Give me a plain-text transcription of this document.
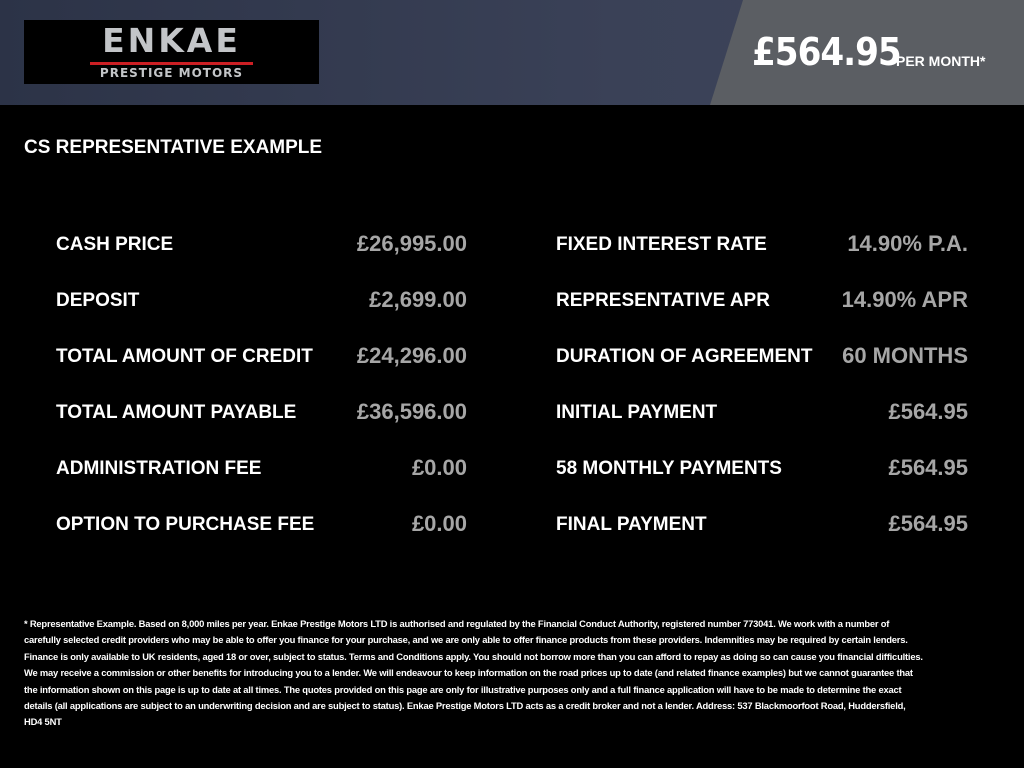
ENKAE
PRESTIGE MOTORS	£564.95
PER MONTH*
CS REPRESENTATIVE EXAMPLE
CASH PRICE	£26,995.00
DEPOSIT	£2,699.00
TOTAL AMOUNT OF CREDIT £24,296.00
TOTAL AMOUNT PAYABLE	£36,596.00
ADMINISTRATION FEE	£0.00
OPTION TO PURCHASE FEE	£0.00
FIXED INTEREST RATE	14.90% P.A.
REPRESENTATIVE APR	14.90% APR
DURATION OF AGREEMENT 60 MONTHS
INITIAL PAYMENT	£564.95
58 MONTHLY PAYMENTS	£564.95
FINAL PAYMENT	£564.95
* Representative Example. Based on 8,000 miles per year. Enkae Prestige Motors LTD is authorised and regulated by the Financial Conduct Authority, registered number 773041. We work with a number of carefully selected credit providers who may be able to offer you finance for your purchase, and we are only able to offer finance products from these providers. Indemnities may be required by certain lenders. Finance is only available to UK residents, aged 18 or over, subject to status. Terms and Conditions apply. You should not borrow more than you can afford to repay as doing so can cause you financial difficulties. We may receive a commission or other benefits for introducing you to a lender. We will endeavour to keep information on the road prices up to date (and related finance examples) but we cannot guarantee that the information shown on this page is up to date at all times. The quotes provided on this page are only for illustrative purposes only and a full finance application will have to be made to determine the exact details (all applications are subject to an underwriting decision and are subject to status). Enkae Prestige Motors LTD acts as a credit broker and not a lender. Address: 537 Blackmoorfoot Road, Huddersfield, HD4 5NT
